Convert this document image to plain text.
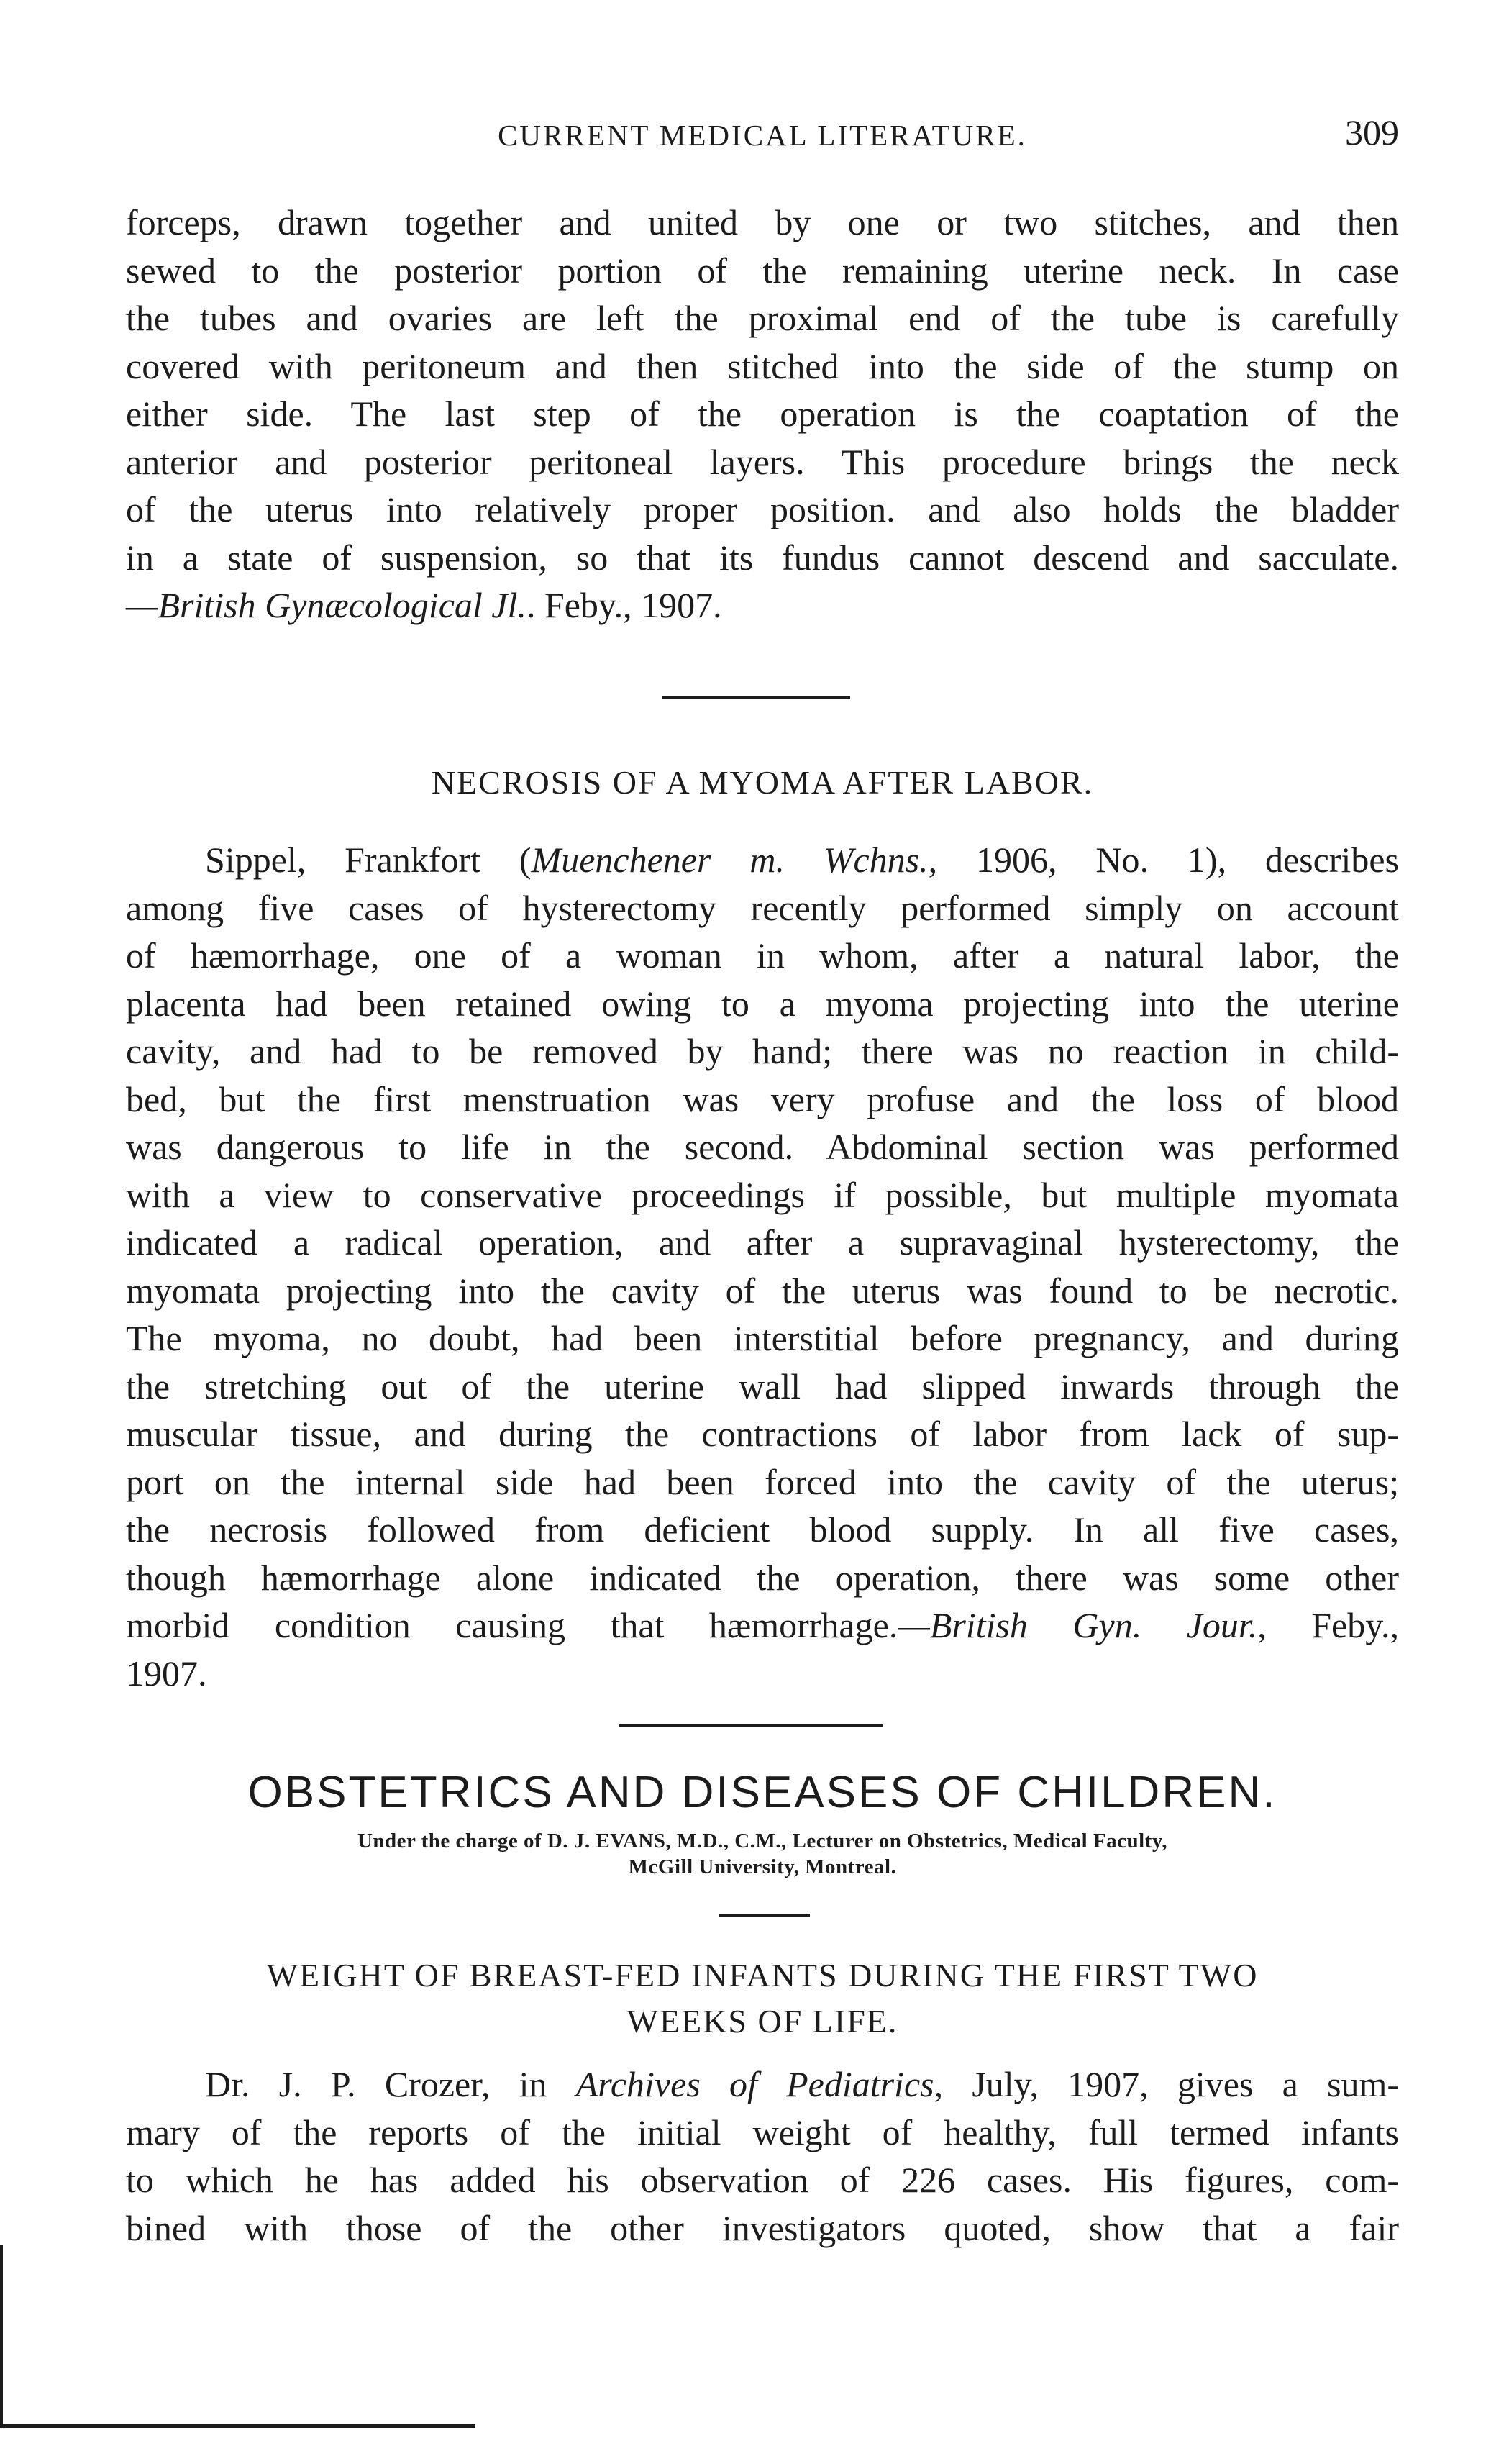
CURRENT MEDICAL LITERATURE.	309
forceps, drawn together and united by one or two stitches, and then
sewed to the posterior portion of the remaining uterine neck. In case
the tubes and ovaries are left the proximal end of the tube is carefully
covered with peritoneum and then stitched into the side of the stump on
either side. The last step of the operation is the coaptation of the
anterior and posterior peritoneal layers. This procedure brings the neck
of the uterus into relatively proper position. and also holds the bladder
in a state of suspension, so that its fundus cannot descend and sacculate.
—British Gynæcological Jl.. Feby., 1907.
NECROSIS OF A MYOMA AFTER LABOR.
Sippel, Frankfort (Muenchener m. Wchns., 1906, No. 1), describes
among five cases of hysterectomy recently performed simply on account
of hæmorrhage, one of a woman in whom, after a natural labor, the
placenta had been retained owing to a myoma projecting into the uterine
cavity, and had to be removed by hand; there was no reaction in child-
bed, but the first menstruation was very profuse and the loss of blood
was dangerous to life in the second. Abdominal section was performed
with a view to conservative proceedings if possible, but multiple myomata
indicated a radical operation, and after a supravaginal hysterectomy, the
myomata projecting into the cavity of the uterus was found to be necrotic.
The myoma, no doubt, had been interstitial before pregnancy, and during
the stretching out of the uterine wall had slipped inwards through the
muscular tissue, and during the contractions of labor from lack of sup-
port on the internal side had been forced into the cavity of the uterus;
the necrosis followed from deficient blood supply. In all five cases,
though hæmorrhage alone indicated the operation, there was some other
morbid condition causing that hæmorrhage.—British Gyn. Jour., Feby.,
1907.
OBSTETRICS AND DISEASES OF CHILDREN.
Under the charge of D. J. EVANS, M.D., C.M., Lecturer on Obstetrics, Medical Faculty,
McGill University, Montreal.
WEIGHT OF BREAST-FED INFANTS DURING THE FIRST TWO
WEEKS OF LIFE.
Dr. J. P. Crozer, in Archives of Pediatrics, July, 1907, gives a sum-
mary of the reports of the initial weight of healthy, full termed infants
to which he has added his observation of 226 cases. His figures, com-
bined with those of the other investigators quoted, show that a fair
